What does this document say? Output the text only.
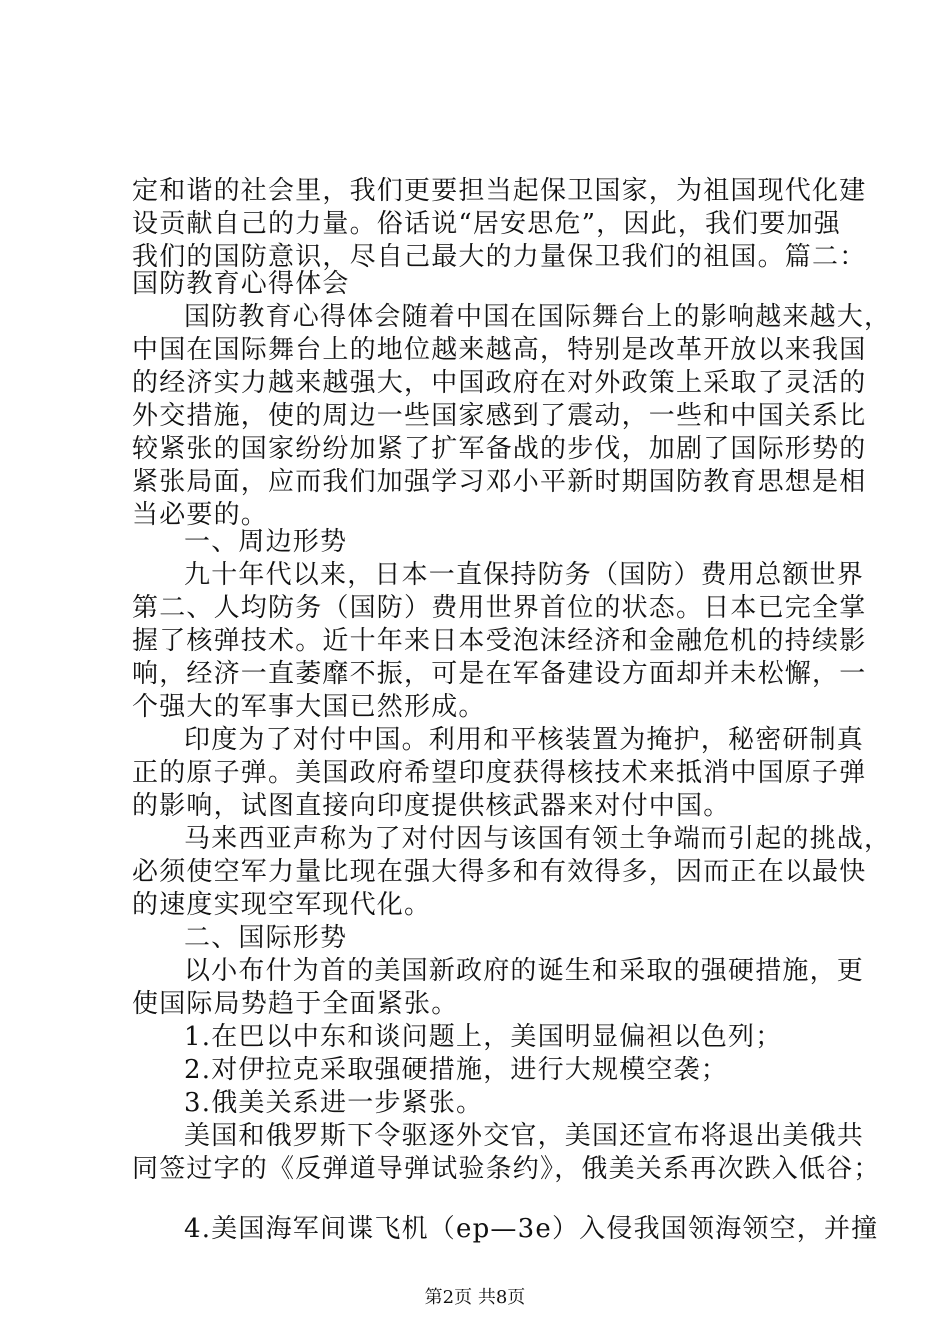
定和谐的社会里，我们更要担当起保卫国家，为祖国现代化建
设贡献自己的力量。俗话说“居安思危”，因此，我们要加强
我们的国防意识，尽自己最大的力量保卫我们的祖国。篇二：
国防教育心得体会
国防教育心得体会随着中国在国际舞台上的影响越来越大，
中国在国际舞台上的地位越来越高，特别是改革开放以来我国
的经济实力越来越强大，中国政府在对外政策上采取了灵活的
外交措施，使的周边一些国家感到了震动，一些和中国关系比
较紧张的国家纷纷加紧了扩军备战的步伐，加剧了国际形势的
紧张局面，应而我们加强学习邓小平新时期国防教育思想是相
当必要的。
一、周边形势
九十年代以来，日本一直保持防务（国防）费用总额世界
第二、人均防务（国防）费用世界首位的状态。日本已完全掌
握了核弹技术。近十年来日本受泡沫经济和金融危机的持续影
响，经济一直萎靡不振，可是在军备建设方面却并未松懈，一
个强大的军事大国已然形成。
印度为了对付中国。利用和平核装置为掩护，秘密研制真
正的原子弹。美国政府希望印度获得核技术来抵消中国原子弹
的影响，试图直接向印度提供核武器来对付中国。
马来西亚声称为了对付因与该国有领土争端而引起的挑战，
必须使空军力量比现在强大得多和有效得多，因而正在以最快
的速度实现空军现代化。
二、国际形势
以小布什为首的美国新政府的诞生和采取的强硬措施，更
使国际局势趋于全面紧张。
1.在巴以中东和谈问题上，美国明显偏袒以色列；
2.对伊拉克采取强硬措施，进行大规模空袭；
3.俄美关系进一步紧张。
美国和俄罗斯下令驱逐外交官，美国还宣布将退出美俄共
同签过字的《反弹道导弹试验条约》，俄美关系再次跌入低谷；
4.美国海军间谍飞机（ep—3e）入侵我国领海领空，并撞
第2页 共8页
